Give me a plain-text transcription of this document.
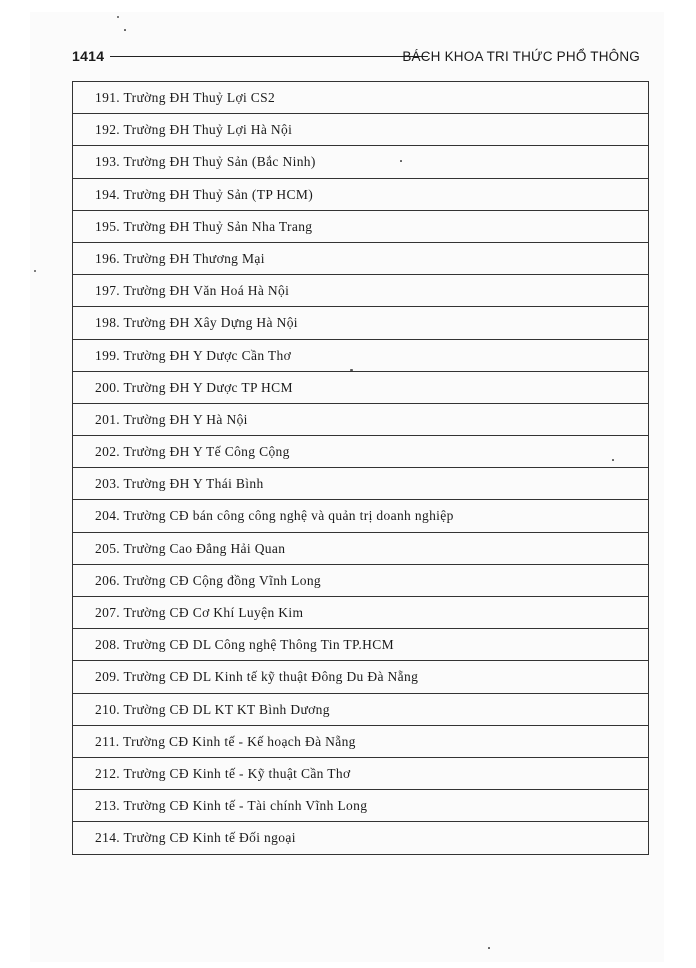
1414	BÁCH KHOA TRI THỨC PHỔ THÔNG
191. Trường ĐH Thuỷ Lợi CS2
192. Trường ĐH Thuỷ Lợi Hà Nội
193. Trường ĐH Thuỷ Sản (Bắc Ninh)
194. Trường ĐH Thuỷ Sản (TP HCM)
195. Trường ĐH Thuỷ Sản Nha Trang
196. Trường ĐH Thương Mại
197. Trường ĐH Văn Hoá Hà Nội
198. Trường ĐH Xây Dựng Hà Nội
199. Trường ĐH Y Dược Cần Thơ
200. Trường ĐH Y Dược TP HCM
201. Trường ĐH Y Hà Nội
202. Trường ĐH Y Tế Công Cộng
203. Trường ĐH Y Thái Bình
204. Trường CĐ bán công công nghệ và quản trị doanh nghiệp
205. Trường Cao Đẳng Hải Quan
206. Trường CĐ Cộng đồng Vĩnh Long
207. Trường CĐ Cơ Khí Luyện Kim
208. Trường CĐ DL Công nghệ Thông Tin TP.HCM
209. Trường CĐ DL Kinh tế kỹ thuật Đông Du Đà Nẵng
210. Trường CĐ DL KT KT Bình Dương
211. Trường CĐ Kinh tế - Kế hoạch Đà Nẵng
212. Trường CĐ Kinh tế - Kỹ thuật Cần Thơ
213. Trường CĐ Kinh tế - Tài chính Vĩnh Long
214. Trường CĐ Kinh tế Đối ngoại
